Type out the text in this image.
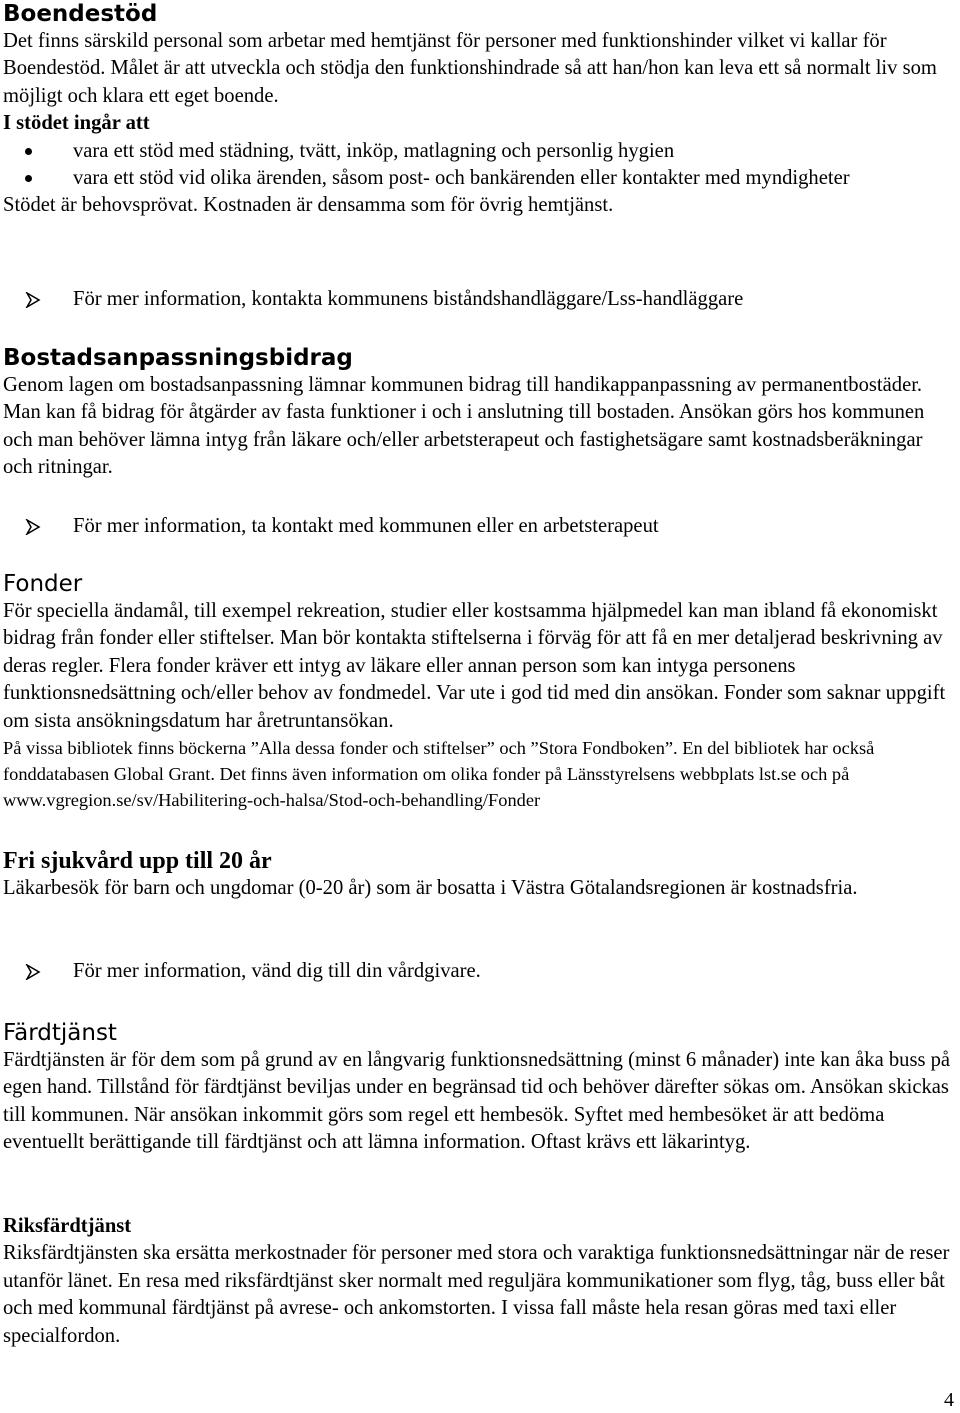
Boendestöd

Det finns särskild personal som arbetar med hemtjänst för personer med funktionshinder vilket vi kallar för Boendestöd. Målet är att utveckla och stödja den funktionshindrade så att han/hon kan leva ett så normalt liv som möjligt och klara ett eget boende.

I stödet ingår att
vara ett stöd med städning, tvätt, inköp, matlagning och personlig hygien
vara ett stöd vid olika ärenden, såsom post- och bankärenden eller kontakter med myndigheter

Stödet är behovsprövat. Kostnaden är densamma som för övrig hemtjänst.

För mer information, kontakta kommunens biståndshandläggare/Lss-handläggare
Bostadsanpassningsbidrag

Genom lagen om bostadsanpassning lämnar kommunen bidrag till handikappanpassning av permanentbostäder. Man kan få bidrag för åtgärder av fasta funktioner i och i anslutning till bostaden. Ansökan görs hos kommunen och man behöver lämna intyg från läkare och/eller arbetsterapeut och fastighetsägare samt kostnadsberäkningar och ritningar.

För mer information, ta kontakt med kommunen eller en arbetsterapeut
Fonder

För speciella ändamål, till exempel rekreation, studier eller kostsamma hjälpmedel kan man ibland få ekonomiskt bidrag från fonder eller stiftelser. Man bör kontakta stiftelserna i förväg för att få en mer detaljerad beskrivning av deras regler. Flera fonder kräver ett intyg av läkare eller annan person som kan intyga personens funktionsnedsättning och/eller behov av fondmedel. Var ute i god tid med din ansökan. Fonder som saknar uppgift om sista ansökningsdatum har åretruntansökan.

På vissa bibliotek finns böckerna ”Alla dessa fonder och stiftelser” och ”Stora Fondboken”. En del bibliotek har också fonddatabasen Global Grant. Det finns även information om olika fonder på Länsstyrelsens webbplats lst.se och på www.vgregion.se/sv/Habilitering-och-halsa/Stod-och-behandling/Fonder

Fri sjukvård upp till 20 år

Läkarbesök för barn och ungdomar (0-20 år) som är bosatta i Västra Götalandsregionen är kostnadsfria.

För mer information, vänd dig till din vårdgivare.
Färdtjänst

Färdtjänsten är för dem som på grund av en långvarig funktionsnedsättning (minst 6 månader) inte kan åka buss på egen hand. Tillstånd för färdtjänst beviljas under en begränsad tid och behöver därefter sökas om. Ansökan skickas till kommunen. När ansökan inkommit görs som regel ett hembesök. Syftet med hembesöket är att bedöma eventuellt berättigande till färdtjänst och att lämna information. Oftast krävs ett läkarintyg.

Riksfärdtjänst

Riksfärdtjänsten ska ersätta merkostnader för personer med stora och varaktiga funktionsnedsättningar när de reser utanför länet. En resa med riksfärdtjänst sker normalt med reguljära kommunikationer som flyg, tåg, buss eller båt och med kommunal färdtjänst på avrese- och ankomstorten. I vissa fall måste hela resan göras med taxi eller specialfordon.

4
